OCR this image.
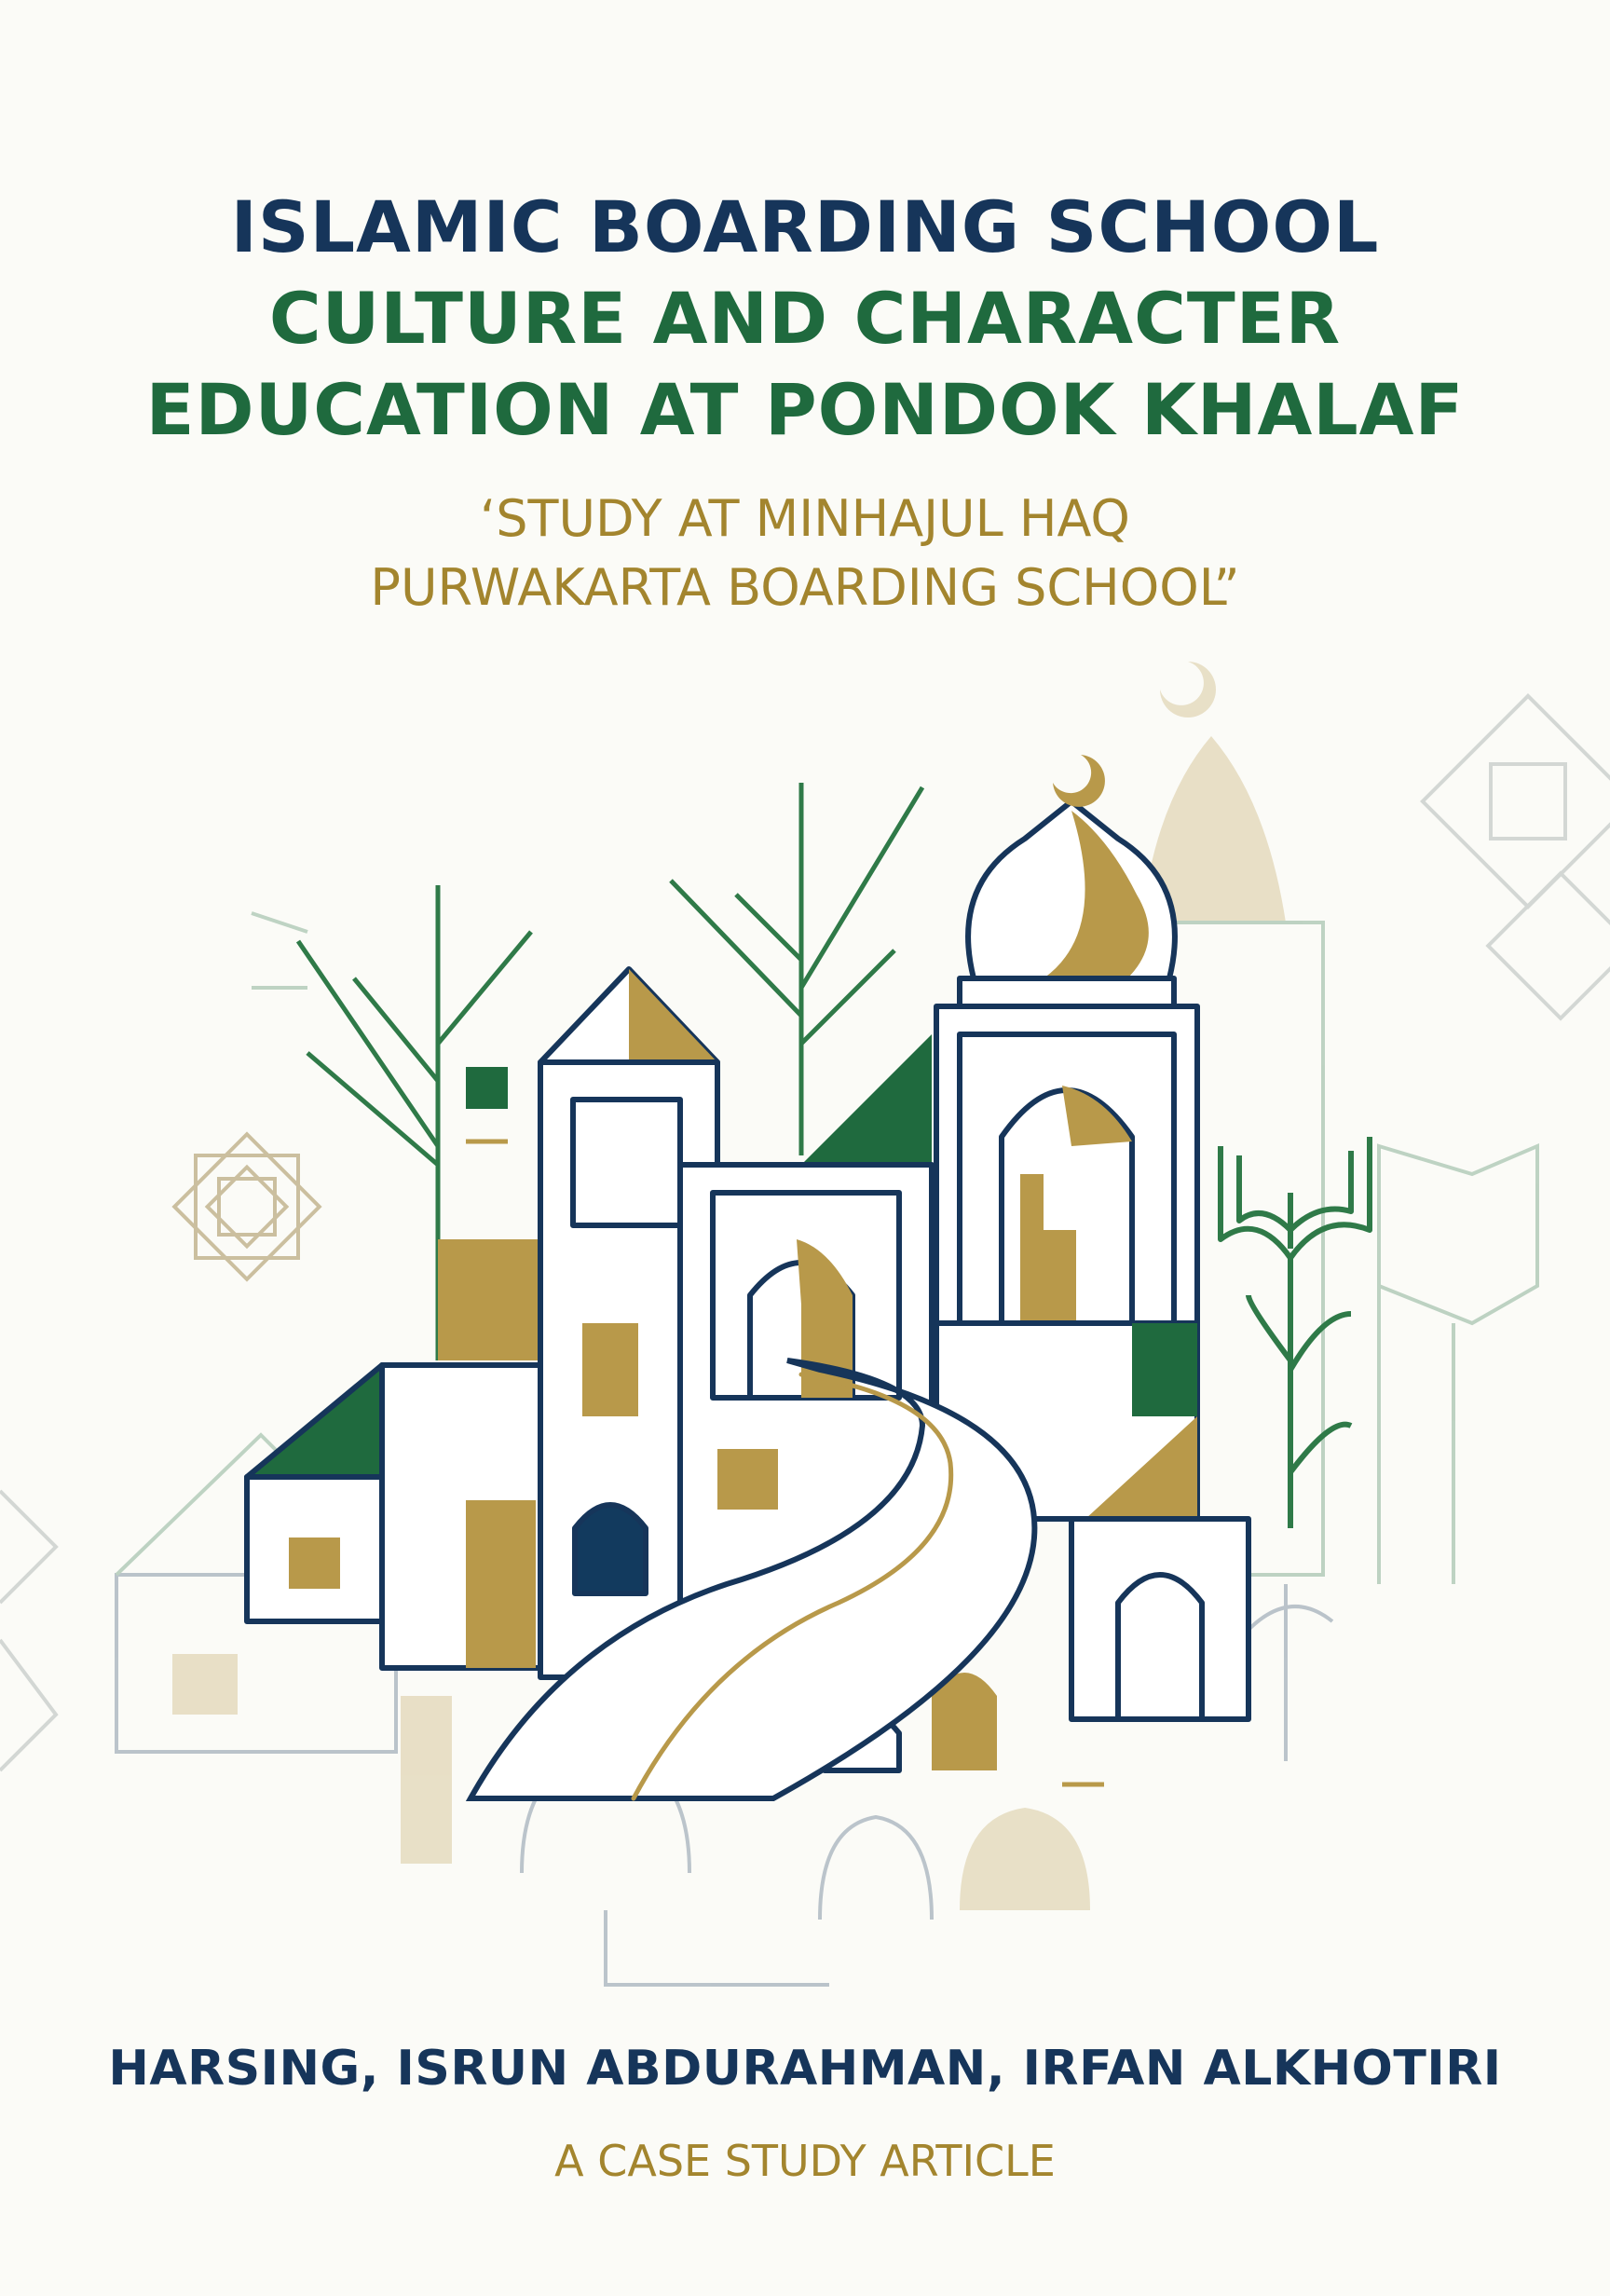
ISLAMIC BOARDING SCHOOL
CULTURE AND CHARACTER
EDUCATION AT PONDOK KHALAF
‘STUDY AT MINHAJUL HAQ
PURWAKARTA BOARDING SCHOOL”
HARSING, ISRUN ABDURAHMAN, IRFAN ALKHOTIRI
A CASE STUDY ARTICLE
